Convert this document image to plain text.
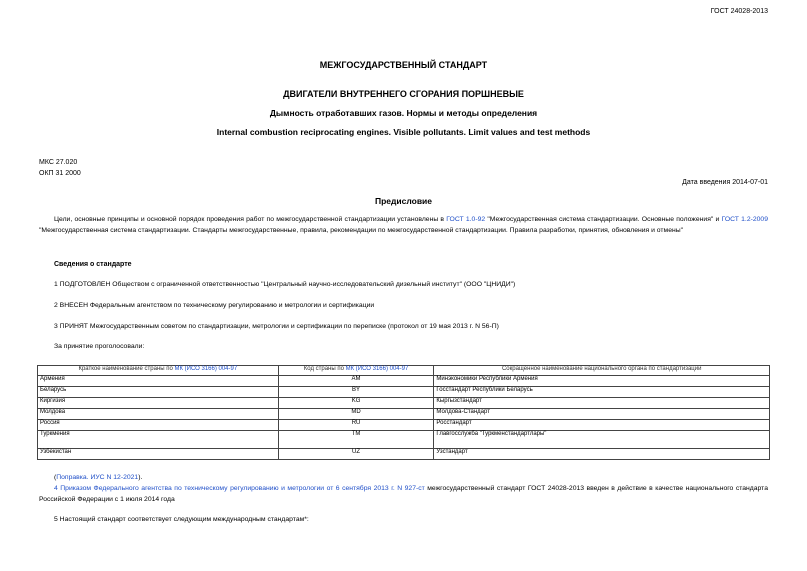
ГОСТ 24028-2013
МЕЖГОСУДАРСТВЕННЫЙ СТАНДАРТ
ДВИГАТЕЛИ ВНУТРЕННЕГО СГОРАНИЯ ПОРШНЕВЫЕ
Дымность отработавших газов. Нормы и методы определения
Internal combustion reciprocating engines. Visible pollutants. Limit values and test methods
МКС 27.020
ОКП 31 2000
Дата введения 2014-07-01
Предисловие
Цели, основные принципы и основной порядок проведения работ по межгосударственной стандартизации установлены в ГОСТ 1.0-92 "Межгосударственная система стандартизации. Основные положения" и ГОСТ 1.2-2009 "Межгосударственная система стандартизации. Стандарты межгосударственные, правила, рекомендации по межгосударственной стандартизации. Правила разработки, принятия, обновления и отмены"
Сведения о стандарте
1 ПОДГОТОВЛЕН Обществом с ограниченной ответственностью "Центральный научно-исследовательский дизельный институт" (ООО "ЦНИДИ")
2 ВНЕСЕН Федеральным агентством по техническому регулированию и метрологии и сертификации
3 ПРИНЯТ Межгосударственным советом по стандартизации, метрологии и сертификации по переписке (протокол от 19 мая 2013 г. N 56-П)
За принятие проголосовали:
Краткое наименование страны по МК (ИСО 3166) 004-97	Код страны по МК (ИСО 3166) 004-97	Сокращенное наименование национального органа по стандартизации
Армения	AM	Минэкономики Республики Армения
Беларусь	BY	Госстандарт Республики Беларусь
Киргизия	KG	Кыргызстандарт
Молдова	MD	Молдова-Стандарт
Россия	RU	Росстандарт
Туркмения	TM	Главгосслужба "Туркменстандартлары"
Узбекистан	UZ	Узстандарт
(Поправка. ИУС N 12-2021).
4 Приказом Федерального агентства по техническому регулированию и метрологии от 6 сентября 2013 г. N 927-ст межгосударственный стандарт ГОСТ 24028-2013 введен в действие в качестве национального стандарта Российской Федерации с 1 июля 2014 года
5 Настоящий стандарт соответствует следующим международным стандартам*:
